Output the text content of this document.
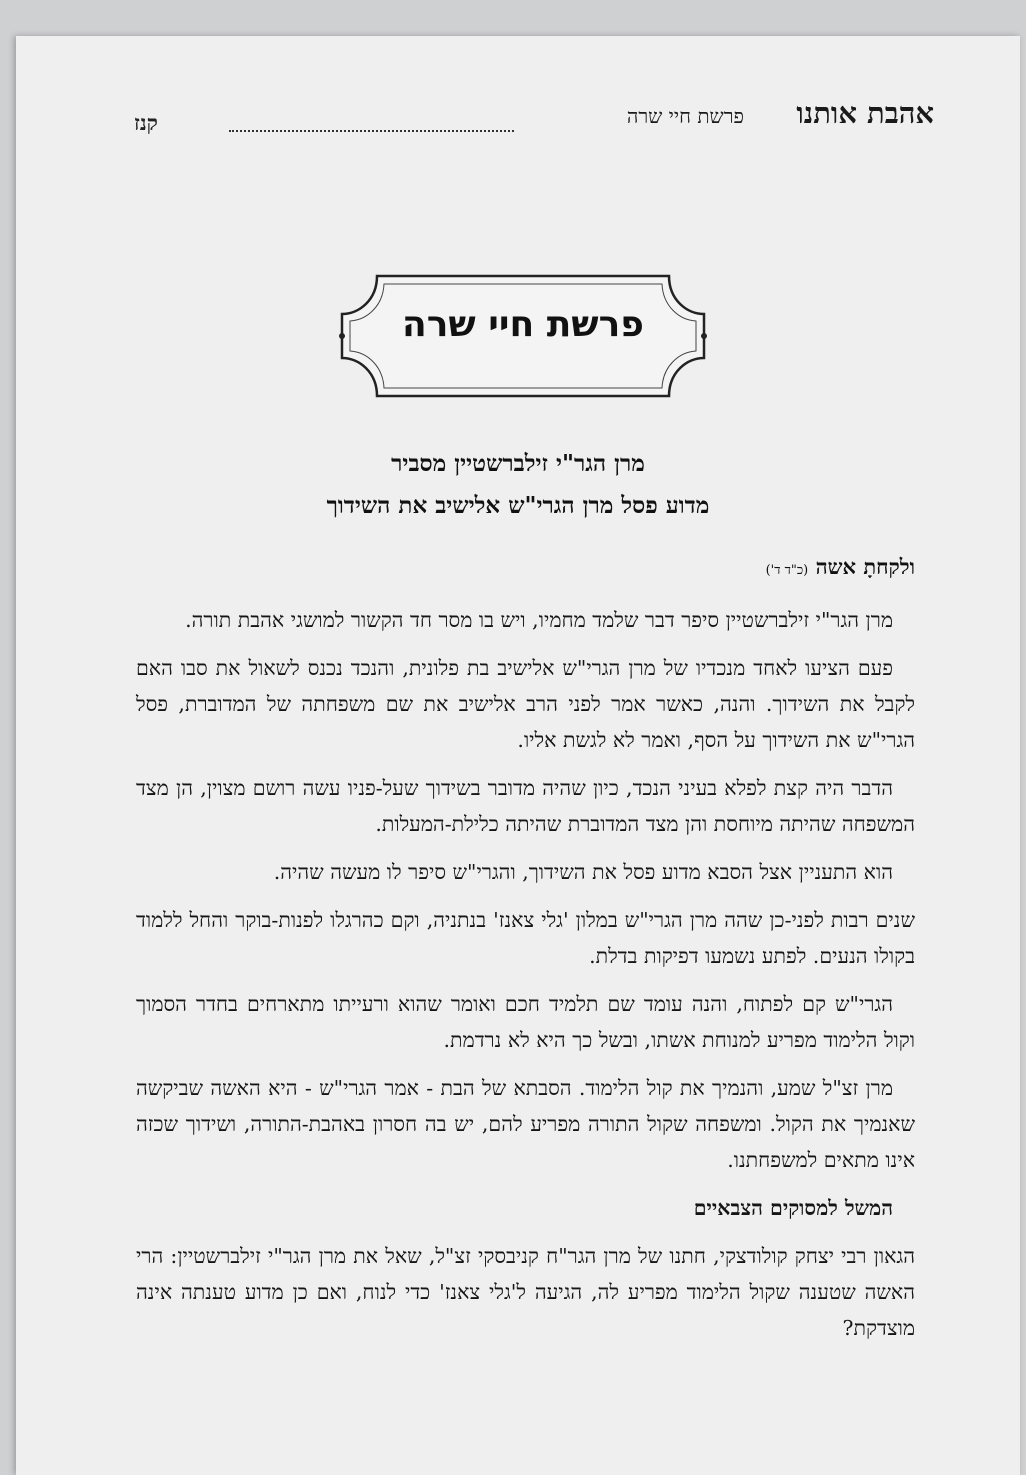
אהבת אותנו
פרשת חיי שרה
קנז
פרשת חיי שרה
מרן הגר"י זילברשטיין מסביר
מדוע פסל מרן הגרי"ש אלישיב את השידוך
ולקחתָ אשה (כ"ד ד')

מרן הגר"י זילברשטיין סיפר דבר שלמד מחמיו, ויש בו מסר חד הקשור למושגי אהבת תורה.

פעם הציעו לאחד מנכדיו של מרן הגרי"ש אלישיב בת פלונית, והנכד נכנס לשאול את סבו האם לקבל את השידוך. והנה, כאשר אמר לפני הרב אלישיב את שם משפחתה של המדוברת, פסל הגרי"ש את השידוך על הסף, ואמר לא לגשת אליו.

הדבר היה קצת לפלא בעיני הנכד, כיון שהיה מדובר בשידוך שעל-פניו עשה רושם מצוין, הן מצד המשפחה שהיתה מיוחסת והן מצד המדוברת שהיתה כלילת-המעלות.

הוא התעניין אצל הסבא מדוע פסל את השידוך, והגרי"ש סיפר לו מעשה שהיה.

שנים רבות לפני-כן שהה מרן הגרי"ש במלון 'גלי צאנז' בנתניה, וקם כהרגלו לפנות-בוקר והחל ללמוד בקולו הנעים. לפתע נשמעו דפיקות בדלת.

הגרי"ש קם לפתוח, והנה עומד שם תלמיד חכם ואומר שהוא ורעייתו מתארחים בחדר הסמוך וקול הלימוד מפריע למנוחת אשתו, ובשל כך היא לא נרדמת.

מרן זצ"ל שמע, והנמיך את קול הלימוד. הסבתא של הבת - אמר הגרי"ש - היא האשה שביקשה שאנמיך את הקול. ומשפחה שקול התורה מפריע להם, יש בה חסרון באהבת-התורה, ושידוך שכזה אינו מתאים למשפחתנו.

המשל למסוקים הצבאיים

הגאון רבי יצחק קולודצקי, חתנו של מרן הגר"ח קניבסקי זצ"ל, שאל את מרן הגר"י זילברשטיין: הרי האשה שטענה שקול הלימוד מפריע לה, הגיעה ל'גלי צאנז' כדי לנוח, ואם כן מדוע טענתה אינה מוצדקת?
